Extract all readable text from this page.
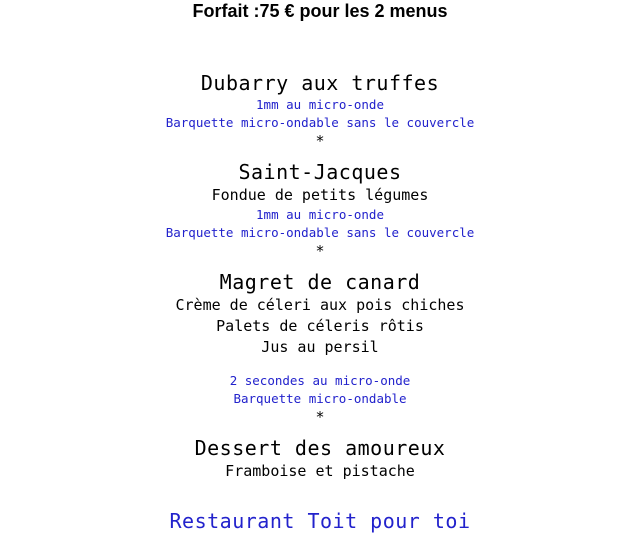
Forfait :75 € pour les 2 menus
Dubarry aux truffes
1mm au micro-onde
Barquette micro-ondable sans le couvercle
*
Saint-Jacques
Fondue de petits légumes
1mm au micro-onde
Barquette micro-ondable sans le couvercle
*
Magret de canard
Crème de céleri aux pois chiches
Palets de céleris rôtis
Jus au persil
2 secondes au micro-onde
Barquette micro-ondable
*
Dessert des amoureux
Framboise et pistache
Restaurant Toit pour toi
